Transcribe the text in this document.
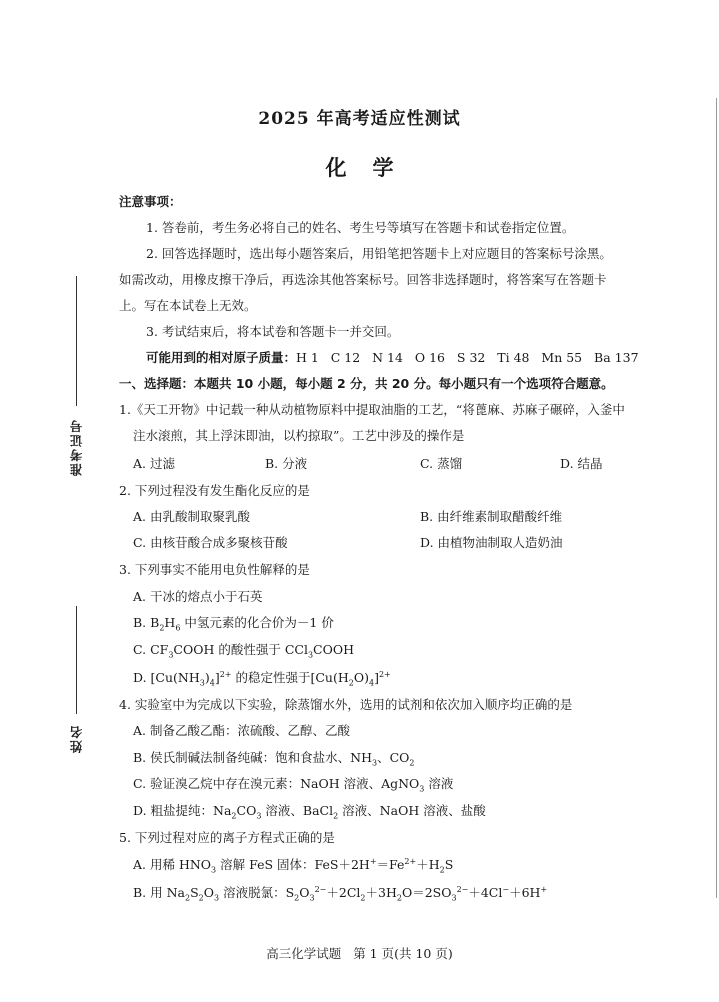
2025 年高考适应性测试
化学
准考证号
姓名
注意事项：
1. 答卷前，考生务必将自己的姓名、考生号等填写在答题卡和试卷指定位置。
2. 回答选择题时，选出每小题答案后，用铅笔把答题卡上对应题目的答案标号涂黑。
如需改动，用橡皮擦干净后，再选涂其他答案标号。回答非选择题时，将答案写在答题卡
上。写在本试卷上无效。
3. 考试结束后，将本试卷和答题卡一并交回。
可能用到的相对原子质量：H 1   C 12   N 14   O 16   S 32   Ti 48   Mn 55   Ba 137
一、选择题：本题共 10 小题，每小题 2 分，共 20 分。每小题只有一个选项符合题意。
1.《天工开物》中记载一种从动植物原料中提取油脂的工艺，“将蓖麻、苏麻子碾碎，入釜中
注水滚煎，其上浮沫即油，以杓掠取”。工艺中涉及的操作是
A. 过滤	B. 分液	C. 蒸馏	D. 结晶
2. 下列过程没有发生酯化反应的是
A. 由乳酸制取聚乳酸	B. 由纤维素制取醋酸纤维
C. 由核苷酸合成多聚核苷酸	D. 由植物油制取人造奶油
3. 下列事实不能用电负性解释的是
A. 干冰的熔点小于石英
B. $B_2H_6$ 中氢元素的化合价为－1 价
C. $CF_3COOH$ 的酸性强于 CCl$_3$COOH
D. $[Cu(NH_3)_4]^{2+}$ 的稳定性强于$[Cu(H_2O)_4]^{2+}$
4. 实验室中为完成以下实验，除蒸馏水外，选用的试剂和依次加入顺序均正确的是
A. 制备乙酸乙酯：浓硫酸、乙醇、乙酸
B. 侯氏制碱法制备纯碱：饱和食盐水、$NH_3$、$CO_2$
C. 验证溴乙烷中存在溴元素：NaOH 溶液、AgNO$_3$ 溶液
D. 粗盐提纯：$Na_2CO_3$ 溶液、BaCl$_2$ 溶液、NaOH 溶液、盐酸
5. 下列过程对应的离子方程式正确的是
A. 用稀 $HNO_3$ 溶解 FeS 固体：$FeS+2H^+=Fe^{2+}+H_2S$
B. 用 $Na_2S_2O_3$ 溶液脱氯：$S_2O_3^{2-}+2Cl_2+3H_2O=2SO_3^{2-}+4Cl^-+6H^+$
高三化学试题   第 1 页(共 10 页)
